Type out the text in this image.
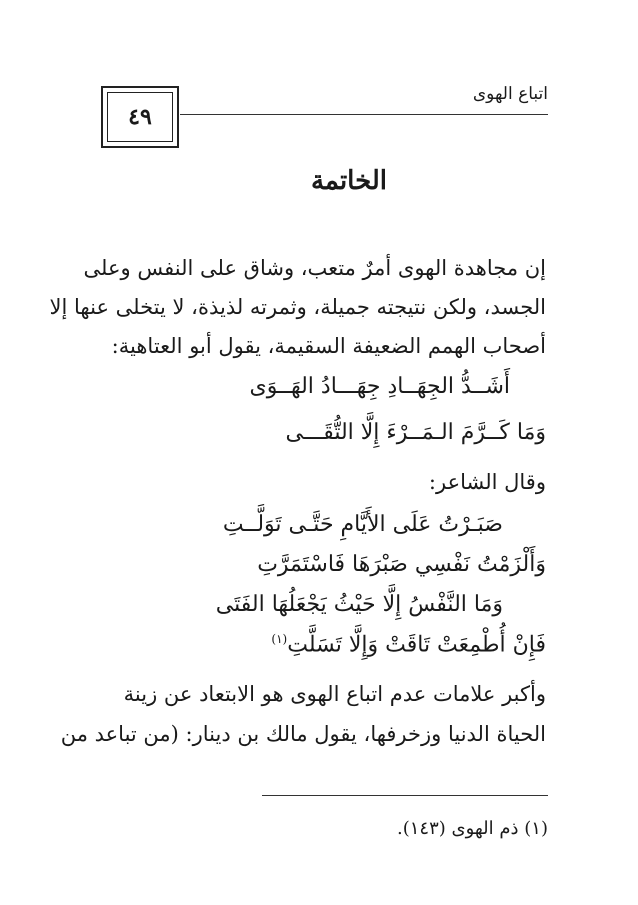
اتباع الهوى
٤٩
الخاتمة
إن مجاهدة الهوى أمرٌ متعب، وشاق على النفس وعلى
الجسد، ولكن نتيجته جميلة، وثمرته لذيذة، لا يتخلى عنها إلا
أصحاب الهمم الضعيفة السقيمة، يقول أبو العتاهية:
أَشَــدُّ الجِهَــادِ جِهَـــادُ الهَــوَى
وَمَا كَــرَّمَ الـمَــرْءَ إِلَّا التُّقَـــى
وقال الشاعر:
صَبَـرْتُ عَلَى الأَيَّامِ حَتَّـى تَوَلَّــتِ
وَأَلْزَمْتُ نَفْسِي صَبْرَهَا فَاسْتَمَرَّتِ
وَمَا النَّفْسُ إِلَّا حَيْثُ يَجْعَلُهَا الفَتَى
فَإِنْ أُطْمِعَتْ تَاقَتْ وَإِلَّا تَسَلَّتِ$^{(١)}$
وأكبر علامات عدم اتباع الهوى هو الابتعاد عن زينة
الحياة الدنيا وزخرفها، يقول مالك بن دينار: (من تباعد من
(١) ذم الهوى (١٤٣).
